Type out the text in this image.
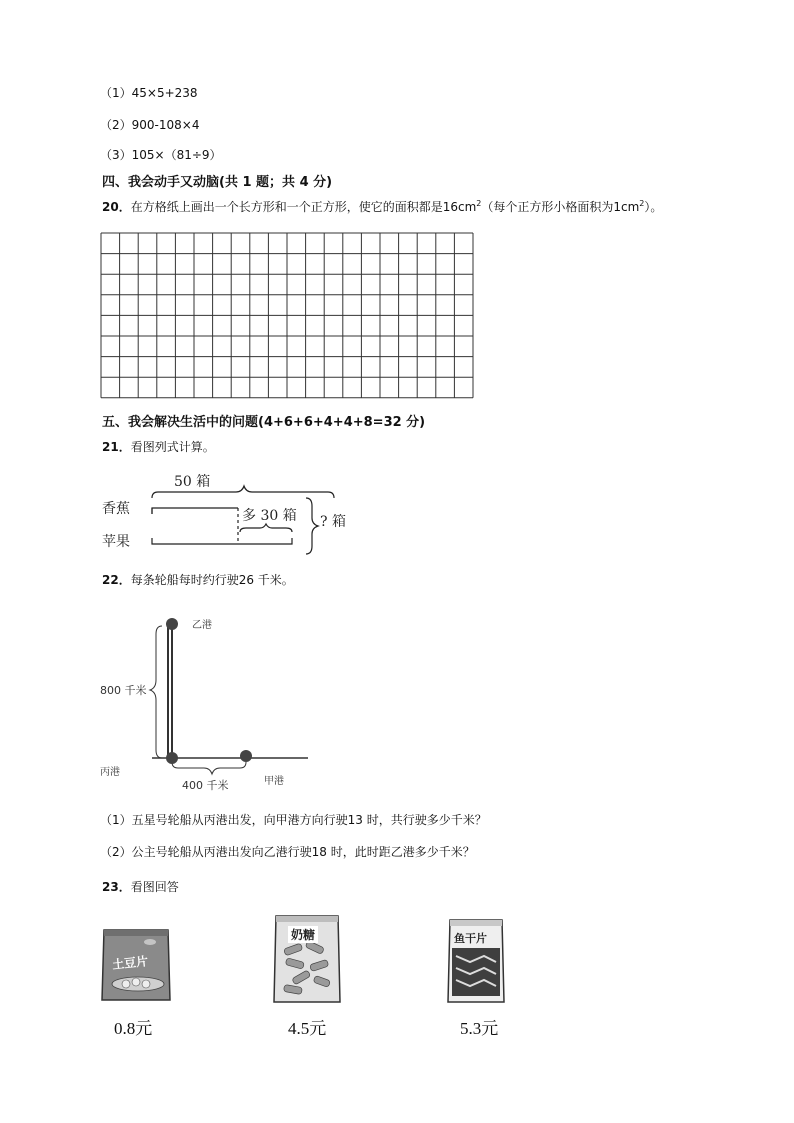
（1）45×5+238
（2）900-108×4
（3）105×（81÷9）
四、我会动手又动脑(共 1 题；共 4 分)
20．在方格纸上画出一个长方形和一个正方形，使它的面积都是$16cm^2$（每个正方形小格面积为$1cm^2$）。
五、我会解决生活中的问题(4+6+6+4+4+8=32 分)
21．看图列式计算。
50 箱
香蕉
苹果
多 30 箱 ? 箱
22．每条轮船每时约行驶26 千米。
乙港
800 千米
丙港
甲港
400 千米
（1）五星号轮船从丙港出发，向甲港方向行驶13 时，共行驶多少千米？
（2）公主号轮船从丙港出发向乙港行驶18 时，此时距乙港多少千米？
23．看图回答
土豆片
0.8元
奶糖
4.5元
鱼干片
5.3元
